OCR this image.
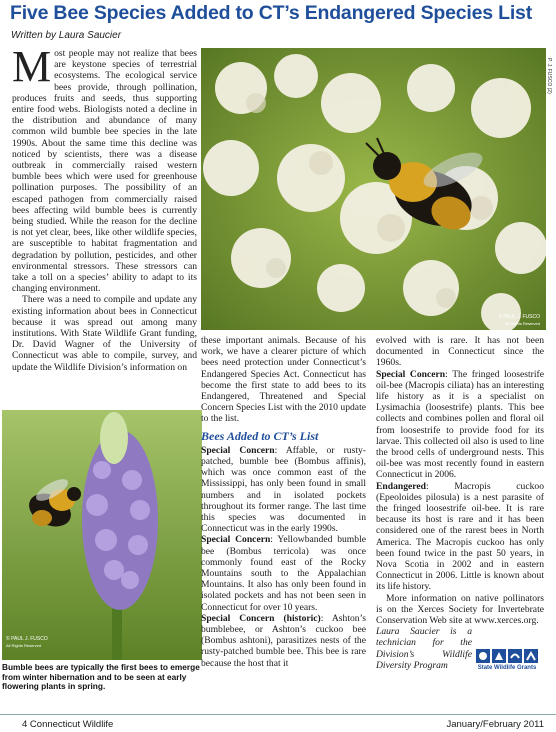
Five Bee Species Added to CT’s Endangered Species List
Written by Laura Saucier

Most people may not realize that bees are keystone species of terrestrial ecosystems. The ecological service bees provide, through pollination, produces fruits and seeds, thus supporting entire food webs. Biologists noted a decline in the distribution and abundance of many common wild bumble bee species in the late 1990s. About the same time this decline was noticed by scientists, there was a disease outbreak in commercially raised western bumble bees which were used for greenhouse pollination purposes. The possibility of an escaped pathogen from commercially raised bees affecting wild bumble bees is currently being studied. While the reason for the decline is not yet clear, bees, like other wildlife species, are susceptible to habitat fragmentation and degradation by pollution, pesticides, and other environmental stressors. These stressors can take a toll on a species’ ability to adapt to its changing environment.

There was a need to compile and update any existing information about bees in Connecticut because it was spread out among many institutions. With State Wildlife Grant funding, Dr. David Wagner of the University of Connecticut was able to compile, survey, and update the Wildlife Division’s information on

© PAUL J. FUSCO
All Rights Reserved
P. J. FUSCO (2)
© PAUL J. FUSCO
All Rights Reserved
Bumble bees are typically the first bees to emerge from winter hibernation and to be seen at early flowering plants in spring.

these important animals. Because of his work, we have a clearer picture of which bees need protection under Connecticut’s Endangered Species Act. Connecticut has become the first state to add bees to its Endangered, Threatened and Special Concern Species List with the 2010 update to the list.

Bees Added to CT’s List

Special Concern: Affable, or rusty-patched, bumble bee (Bombus affinis), which was once common east of the Mississippi, has only been found in small numbers and in isolated pockets throughout its former range. The last time this species was documented in Connecticut was in the early 1990s.

Special Concern: Yellowbanded bumble bee (Bombus terricola) was once commonly found east of the Rocky Mountains south to the Appalachian Mountains. It also has only been found in isolated pockets and has not been seen in Connecticut for over 10 years.

Special Concern (historic): Ashton’s bumblebee, or Ashton’s cuckoo bee (Bombus ashtoni), parasitizes nests of the rusty-patched bumble bee. This bee is rare because the host that it

evolved with is rare. It has not been documented in Connecticut since the 1960s.

Special Concern: The fringed loosestrife oil-bee (Macropis ciliata) has an interesting life history as it is a specialist on Lysimachia (loosestrife) plants. This bee collects and combines pollen and floral oil from loosestrife to provide food for its larvae. This collected oil also is used to line the brood cells of underground nests. This oil-bee was most recently found in eastern Connecticut in 2006.

Endangered: Macropis cuckoo (Epeoloides pilosula) is a nest parasite of the fringed loosestrife oil-bee. It is rare because its host is rare and it has been considered one of the rarest bees in North America. The Macropis cuckoo has only been found twice in the past 50 years, in Nova Scotia in 2002 and in eastern Connecticut in 2006. Little is known about its life history.

More information on native pollinators is on the Xerces Society for Invertebrate Conservation Web site at www.xerces.org.

Laura Saucier is a technician for the Division’s Wildlife Diversity Program	State Wildlife Grants
4 Connecticut Wildlife	January/February 2011
